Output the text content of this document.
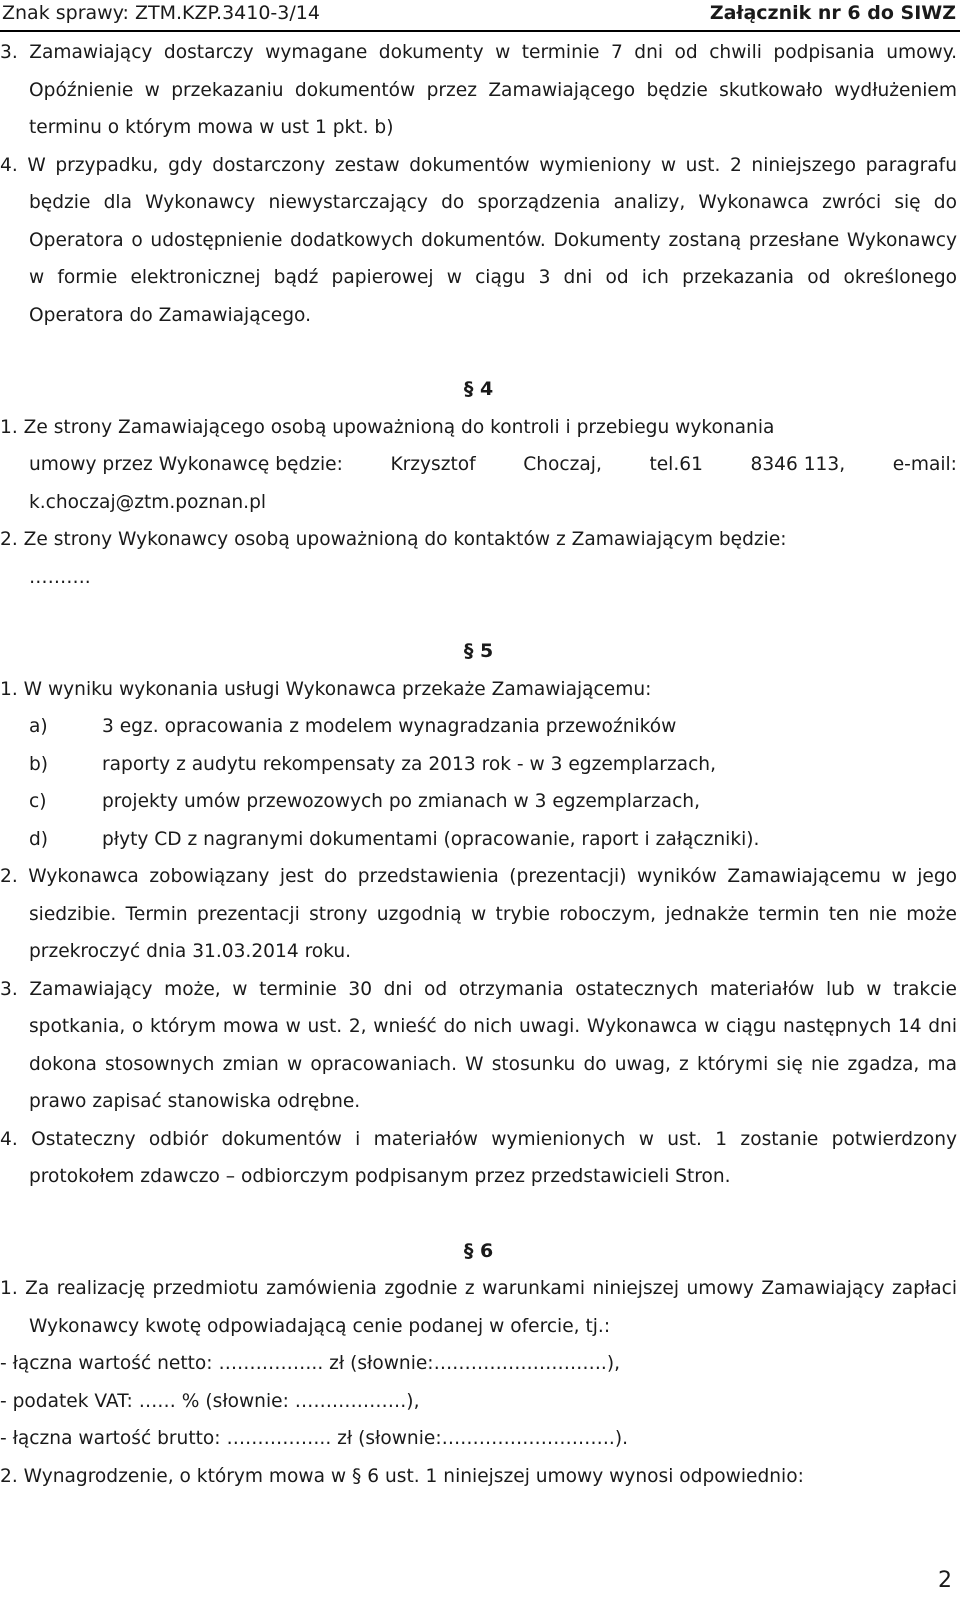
Znak sprawy: ZTM.KZP.3410-3/14	Załącznik nr 6 do SIWZ

3. Zamawiający dostarczy wymagane dokumenty w terminie 7 dni od chwili podpisania umowy. Opóźnienie w przekazaniu dokumentów przez Zamawiającego będzie skutkowało wydłużeniem terminu o którym mowa w ust 1 pkt. b)

4. W przypadku, gdy dostarczony zestaw dokumentów wymieniony w ust. 2 niniejszego paragrafu będzie dla Wykonawcy niewystarczający do sporządzenia analizy, Wykonawca zwróci się do Operatora o udostępnienie dodatkowych dokumentów. Dokumenty zostaną przesłane Wykonawcy w formie elektronicznej bądź papierowej w ciągu 3 dni od ich przekazania od określonego Operatora do Zamawiającego.

§ 4

1. Ze strony Zamawiającego osobą upoważnioną do kontroli i przebiegu wykonania

umowy przez Wykonawcę będzie:	Krzysztof	Choczaj,	tel.61	8346 113,	e-mail:

k.choczaj@ztm.poznan.pl

2. Ze strony Wykonawcy osobą upoważnioną do kontaktów z Zamawiającym będzie:

……….

§ 5

1. W wyniku wykonania usługi Wykonawca przekaże Zamawiającemu:

a)	3 egz. opracowania z modelem wynagradzania przewoźników
b)	raporty z audytu rekompensaty za 2013 rok - w 3 egzemplarzach,
c)	projekty umów przewozowych po zmianach w 3 egzemplarzach,
d)	płyty CD z nagranymi dokumentami (opracowanie, raport i załączniki).

2. Wykonawca zobowiązany jest do przedstawienia (prezentacji) wyników Zamawiającemu w jego siedzibie. Termin prezentacji strony uzgodnią w trybie roboczym, jednakże termin ten nie może przekroczyć dnia 31.03.2014 roku.

3. Zamawiający może, w terminie 30 dni od otrzymania ostatecznych materiałów lub w trakcie spotkania, o którym mowa w ust. 2, wnieść do nich uwagi. Wykonawca w ciągu następnych 14 dni dokona stosownych zmian w opracowaniach. W stosunku do uwag, z którymi się nie zgadza, ma prawo zapisać stanowiska odrębne.

4. Ostateczny odbiór dokumentów i materiałów wymienionych w ust. 1 zostanie potwierdzony protokołem zdawczo – odbiorczym podpisanym przez przedstawicieli Stron.

§ 6

1. Za realizację przedmiotu zamówienia zgodnie z warunkami niniejszej umowy Zamawiający zapłaci Wykonawcy kwotę odpowiadającą cenie podanej w ofercie, tj.:

- łączna wartość netto: …………….. zł (słownie:……………………….),

- podatek VAT: …… % (słownie: ………………),

- łączna wartość brutto: …………….. zł (słownie:……………………….).

2. Wynagrodzenie, o którym mowa w § 6 ust. 1 niniejszej umowy wynosi odpowiednio:

2
